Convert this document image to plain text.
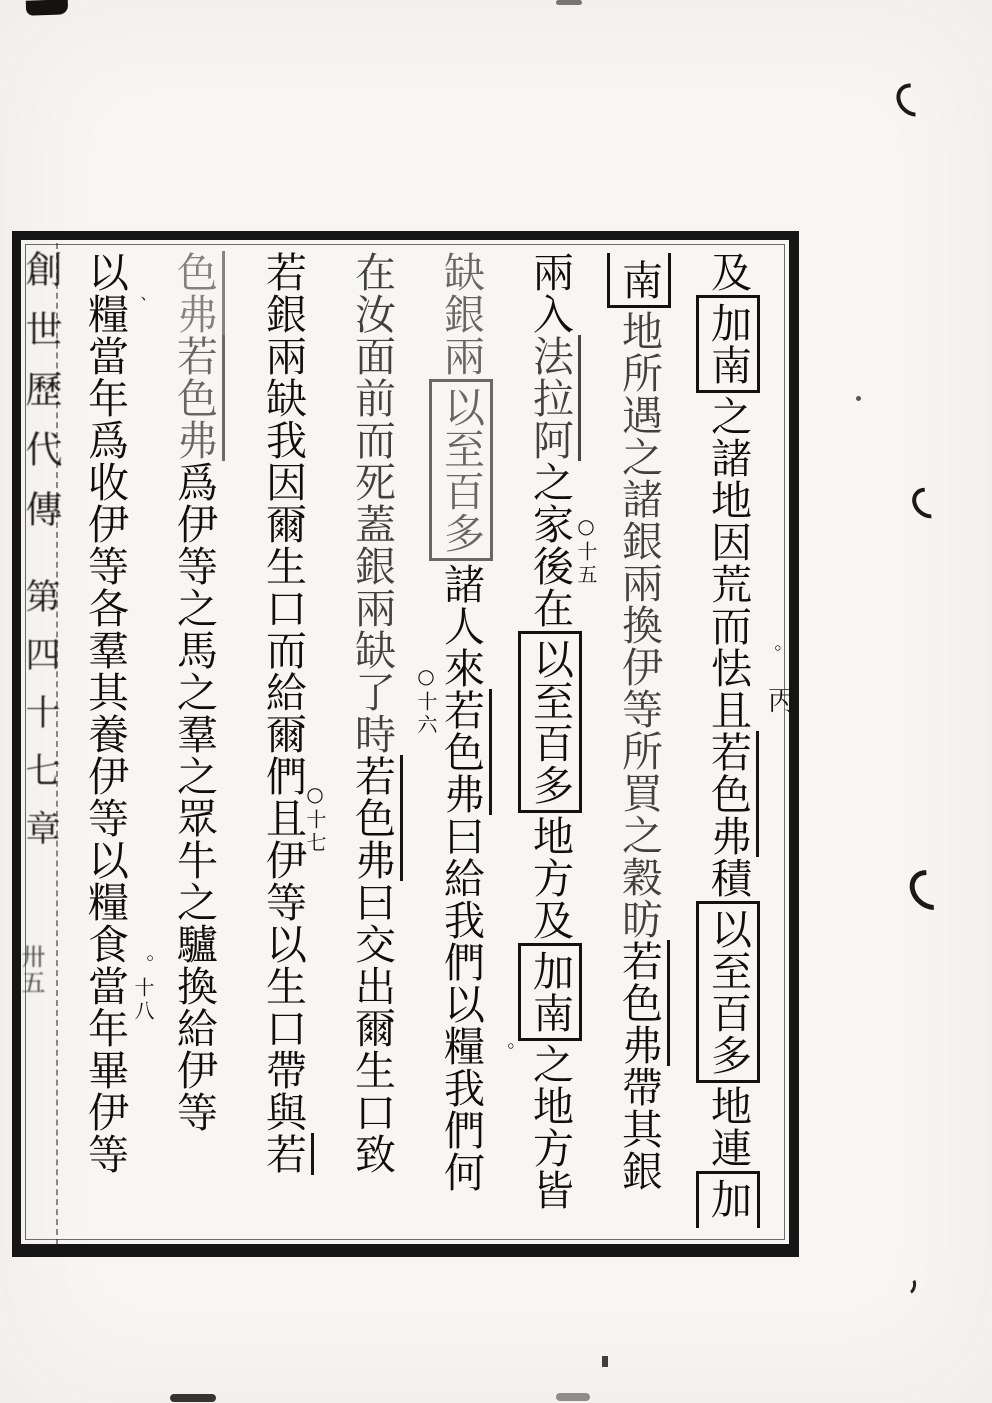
及加南之諸地因荒而怯且若色弗積以至百多地連加
南地所遇之諸銀兩換伊等所買之穀昉若色弗帶其銀
兩入法拉阿之家後在以至百多地方及加南之地方皆
缺銀兩以至百多諸人來若色弗曰給我們以糧我們何
在汝面前而死蓋銀兩缺了時若色弗曰交出爾生口致
若銀兩缺我因爾生口而給爾們且伊等以生口帶與若
色弗若色弗爲伊等之馬之羣之眾牛之驢換給伊等
以糧當年爲收伊等各羣其養伊等以糧食當年畢伊等	○十五
。
○十六
○十七
。十八
、
。
丙
創世歷代傳
第四十七章
卅五
